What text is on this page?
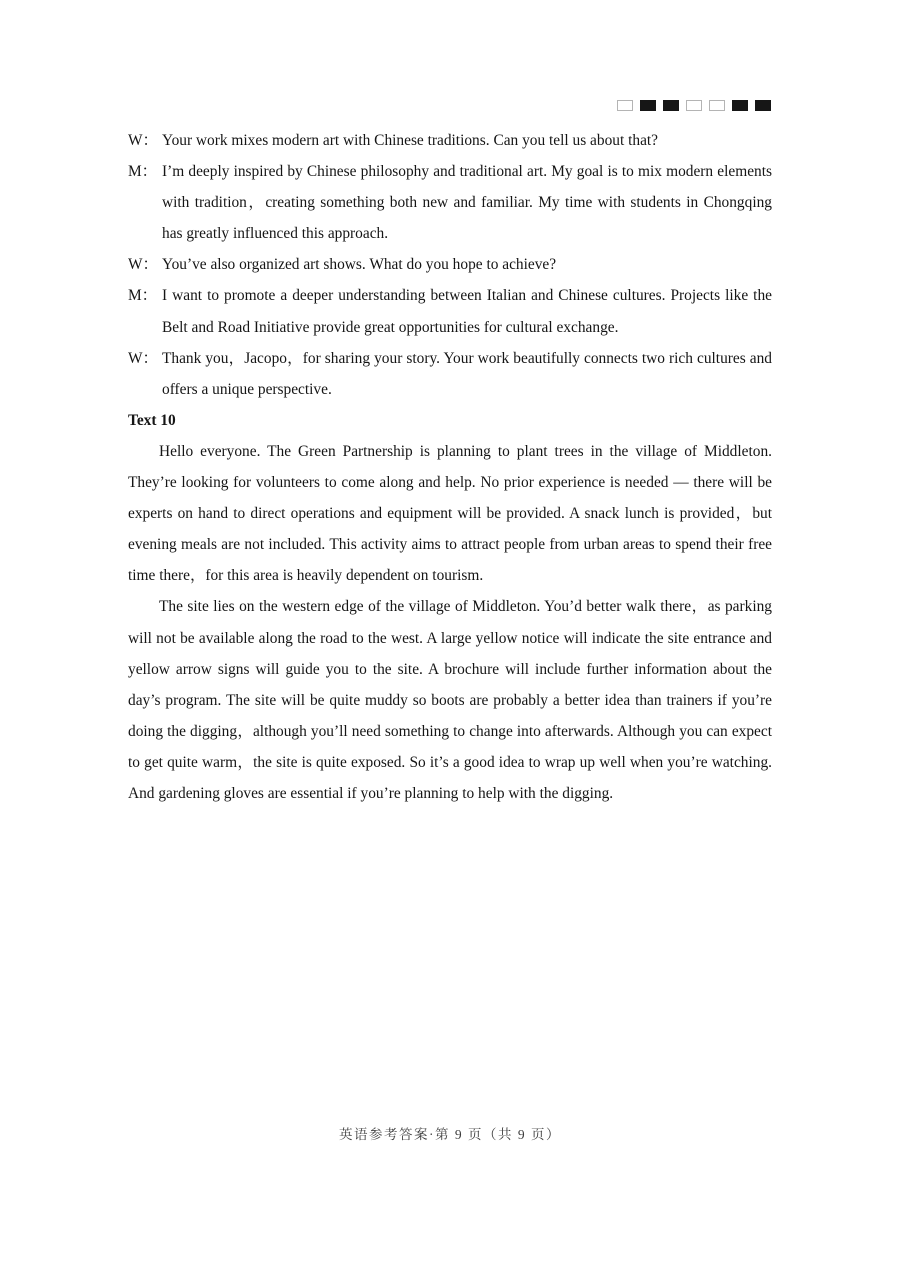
W： Your work mixes modern art with Chinese traditions. Can you tell us about that?
M： I’m deeply inspired by Chinese philosophy and traditional art. My goal is to mix modern elements with tradition，creating something both new and familiar. My time with students in Chongqing has greatly influenced this approach.
W： You’ve also organized art shows. What do you hope to achieve?
M： I want to promote a deeper understanding between Italian and Chinese cultures. Projects like the Belt and Road Initiative provide great opportunities for cultural exchange.
W： Thank you，Jacopo，for sharing your story. Your work beautifully connects two rich cultures and offers a unique perspective.
Text 10

Hello everyone. The Green Partnership is planning to plant trees in the village of Middleton. They’re looking for volunteers to come along and help. No prior experience is needed — there will be experts on hand to direct operations and equipment will be provided. A snack lunch is provided，but evening meals are not included. This activity aims to attract people from urban areas to spend their free time there，for this area is heavily dependent on tourism.

The site lies on the western edge of the village of Middleton. You’d better walk there，as parking will not be available along the road to the west. A large yellow notice will indicate the site entrance and yellow arrow signs will guide you to the site. A brochure will include further information about the day’s program. The site will be quite muddy so boots are probably a better idea than trainers if you’re doing the digging，although you’ll need something to change into afterwards. Although you can expect to get quite warm，the site is quite exposed. So it’s a good idea to wrap up well when you’re watching. And gardening gloves are essential if you’re planning to help with the digging.

英语参考答案·第 9 页（共 9 页）
